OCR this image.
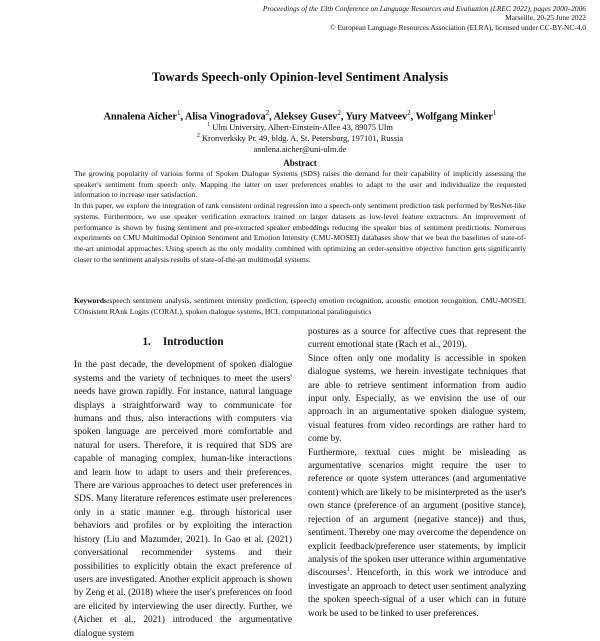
Proceedings of the 13th Conference on Language Resources and Evaluation (LREC 2022), pages 2000–2006
Marseille, 20-25 June 2022
© European Language Resources Association (ELRA), licensed under CC-BY-NC-4.0
Towards Speech-only Opinion-level Sentiment Analysis
Annalena Aicher$^1$, Alisa Vinogradova$^2$, Aleksey Gusev$^2$, Yury Matveev$^2$, Wolfgang Minker$^1$
$^1$ Ulm University, Albert-Einstein-Allee 43, 89075 Ulm
$^2$ Kronverksky Pr. 49, bldg. A, St. Petersburg, 197101, Russia
annlena.aicher@uni-ulm.de
Abstract

The growing popularity of various forms of Spoken Dialogue Systems (SDS) raises the demand for their capability of implicitly assessing the speaker's sentiment from speech only. Mapping the latter on user preferences enables to adapt to the user and individualize the requested information to increase user satisfaction.

In this paper, we explore the integration of rank consistent ordinal regression into a speech-only sentiment prediction task performed by ResNet-like systems. Furthermore, we use speaker verification extractors trained on larger datasets as low-level feature extractors. An improvement of performance is shown by fusing sentiment and pre-extracted speaker embeddings reducing the speaker bias of sentiment predictions. Numerous experiments on CMU Multimodal Opinion Sentiment and Emotion Intensity (CMU-MOSEI) databases show that we beat the baselines of state-of-the-art unimodal approaches. Using speech as the only modality combined with optimizing an order-sensitive objective function gets significantly closer to the sentiment analysis results of state-of-the-art multimodal systems.

Keywords:speech sentiment analysis, sentiment intensity prediction, (speech) emotion recognition, acoustic emotion recognition, CMU-MOSEI, COnsistent RAnk Logits (CORAL), spoken dialogue systems, HCI, computational paralinguistics
1. Introduction

In the past decade, the development of spoken dialogue systems and the variety of techniques to meet the users' needs have grown rapidly. For instance, natural language displays a straightforward way to communicate for humans and thus, also interactions with computers via spoken language are perceived more comfortable and natural for users. Therefore, it is required that SDS are capable of managing complex, human-like interactions and learn how to adapt to users and their preferences. There are various approaches to detect user preferences in SDS. Many literature references estimate user preferences only in a static manner e.g. through historical user behaviors and profiles or by exploiting the interaction history (Liu and Mazumder, 2021). In Gao et al. (2021) conversational recommender systems and their possibilities to explicitly obtain the exact preference of users are investigated. Another explicit approach is shown by Zeng et al. (2018) where the user's preferences on food are elicited by interviewing the user directly. Further, we (Aicher et al., 2021) introduced the argumentative dialogue system

postures as a source for affective cues that represent the current emotional state (Rach et al., 2019).

Since often only one modality is accessible in spoken dialogue systems, we herein investigate techniques that are able to retrieve sentiment information from audio input only. Especially, as we envision the use of our approach in an argumentative spoken dialogue system, visual features from video recordings are rather hard to come by.

Furthermore, textual cues might be misleading as argumentative scenarios might require the user to reference or quote system utterances (and argumentative content) which are likely to be misinterpreted as the user's own stance (preference of an argument (positive stance), rejection of an argument (negative stance)) and thus, sentiment. Thereby one may overcome the dependence on explicit feedback/preference user statements, by implicit analysis of the spoken user utterance within argumentative discourses$^1$. Henceforth, in this work we introduce and investigate an approach to detect user sentiment analyzing the spoken speech-signal of a user which can in future work be used to be linked to user preferences.
